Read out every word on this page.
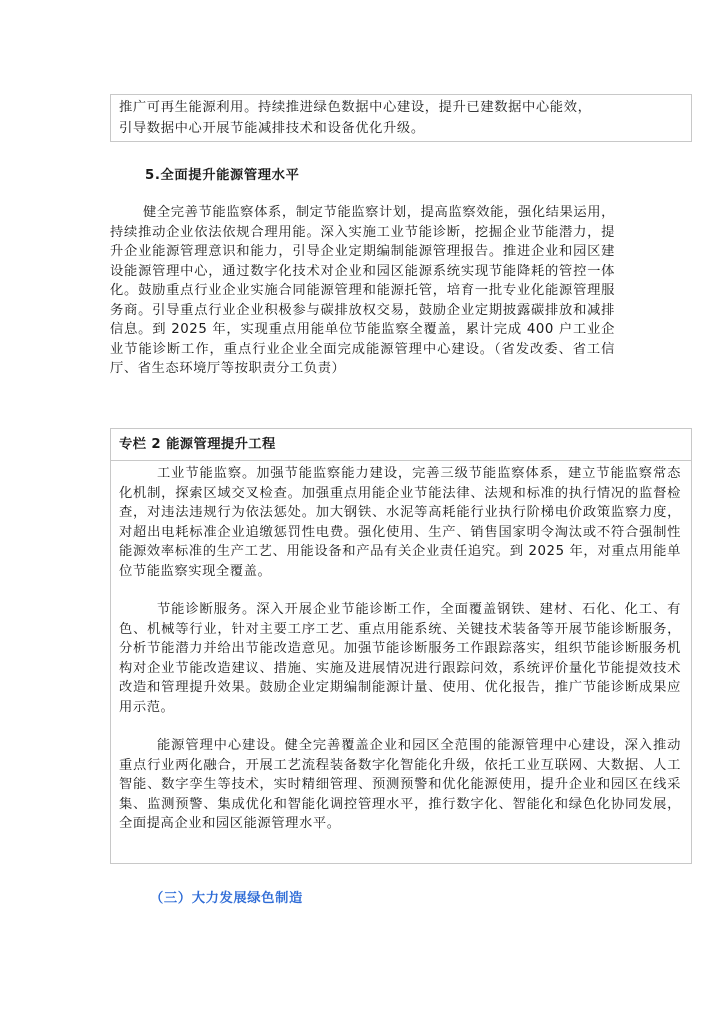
推广可再生能源利用。持续推进绿色数据中心建设，提升已建数据中心能效，

引导数据中心开展节能减排技术和设备优化升级。

5.全面提升能源管理水平

健全完善节能监察体系，制定节能监察计划，提高监察效能，强化结果运用，持续推动企业依法依规合理用能。深入实施工业节能诊断，挖掘企业节能潜力，提升企业能源管理意识和能力，引导企业定期编制能源管理报告。推进企业和园区建设能源管理中心，通过数字化技术对企业和园区能源系统实现节能降耗的管控一体化。鼓励重点行业企业实施合同能源管理和能源托管，培育一批专业化能源管理服务商。引导重点行业企业积极参与碳排放权交易，鼓励企业定期披露碳排放和减排信息。到 2025 年，实现重点用能单位节能监察全覆盖，累计完成 400 户工业企业节能诊断工作，重点行业企业全面完成能源管理中心建设。（省发改委、省工信厅、省生态环境厅等按职责分工负责）

专栏 2 能源管理提升工程

工业节能监察。加强节能监察能力建设，完善三级节能监察体系，建立节能监察常态化机制，探索区域交叉检查。加强重点用能企业节能法律、法规和标准的执行情况的监督检查，对违法违规行为依法惩处。加大钢铁、水泥等高耗能行业执行阶梯电价政策监察力度，对超出电耗标准企业追缴惩罚性电费。强化使用、生产、销售国家明令淘汰或不符合强制性能源效率标准的生产工艺、用能设备和产品有关企业责任追究。到 2025 年，对重点用能单位节能监察实现全覆盖。

节能诊断服务。深入开展企业节能诊断工作，全面覆盖钢铁、建材、石化、化工、有色、机械等行业，针对主要工序工艺、重点用能系统、关键技术装备等开展节能诊断服务，分析节能潜力并给出节能改造意见。加强节能诊断服务工作跟踪落实，组织节能诊断服务机构对企业节能改造建议、措施、实施及进展情况进行跟踪问效，系统评价量化节能提效技术改造和管理提升效果。鼓励企业定期编制能源计量、使用、优化报告，推广节能诊断成果应用示范。

能源管理中心建设。健全完善覆盖企业和园区全范围的能源管理中心建设，深入推动重点行业两化融合，开展工艺流程装备数字化智能化升级，依托工业互联网、大数据、人工智能、数字孪生等技术，实时精细管理、预测预警和优化能源使用，提升企业和园区在线采集、监测预警、集成优化和智能化调控管理水平，推行数字化、智能化和绿色化协同发展，全面提高企业和园区能源管理水平。

（三）大力发展绿色制造
